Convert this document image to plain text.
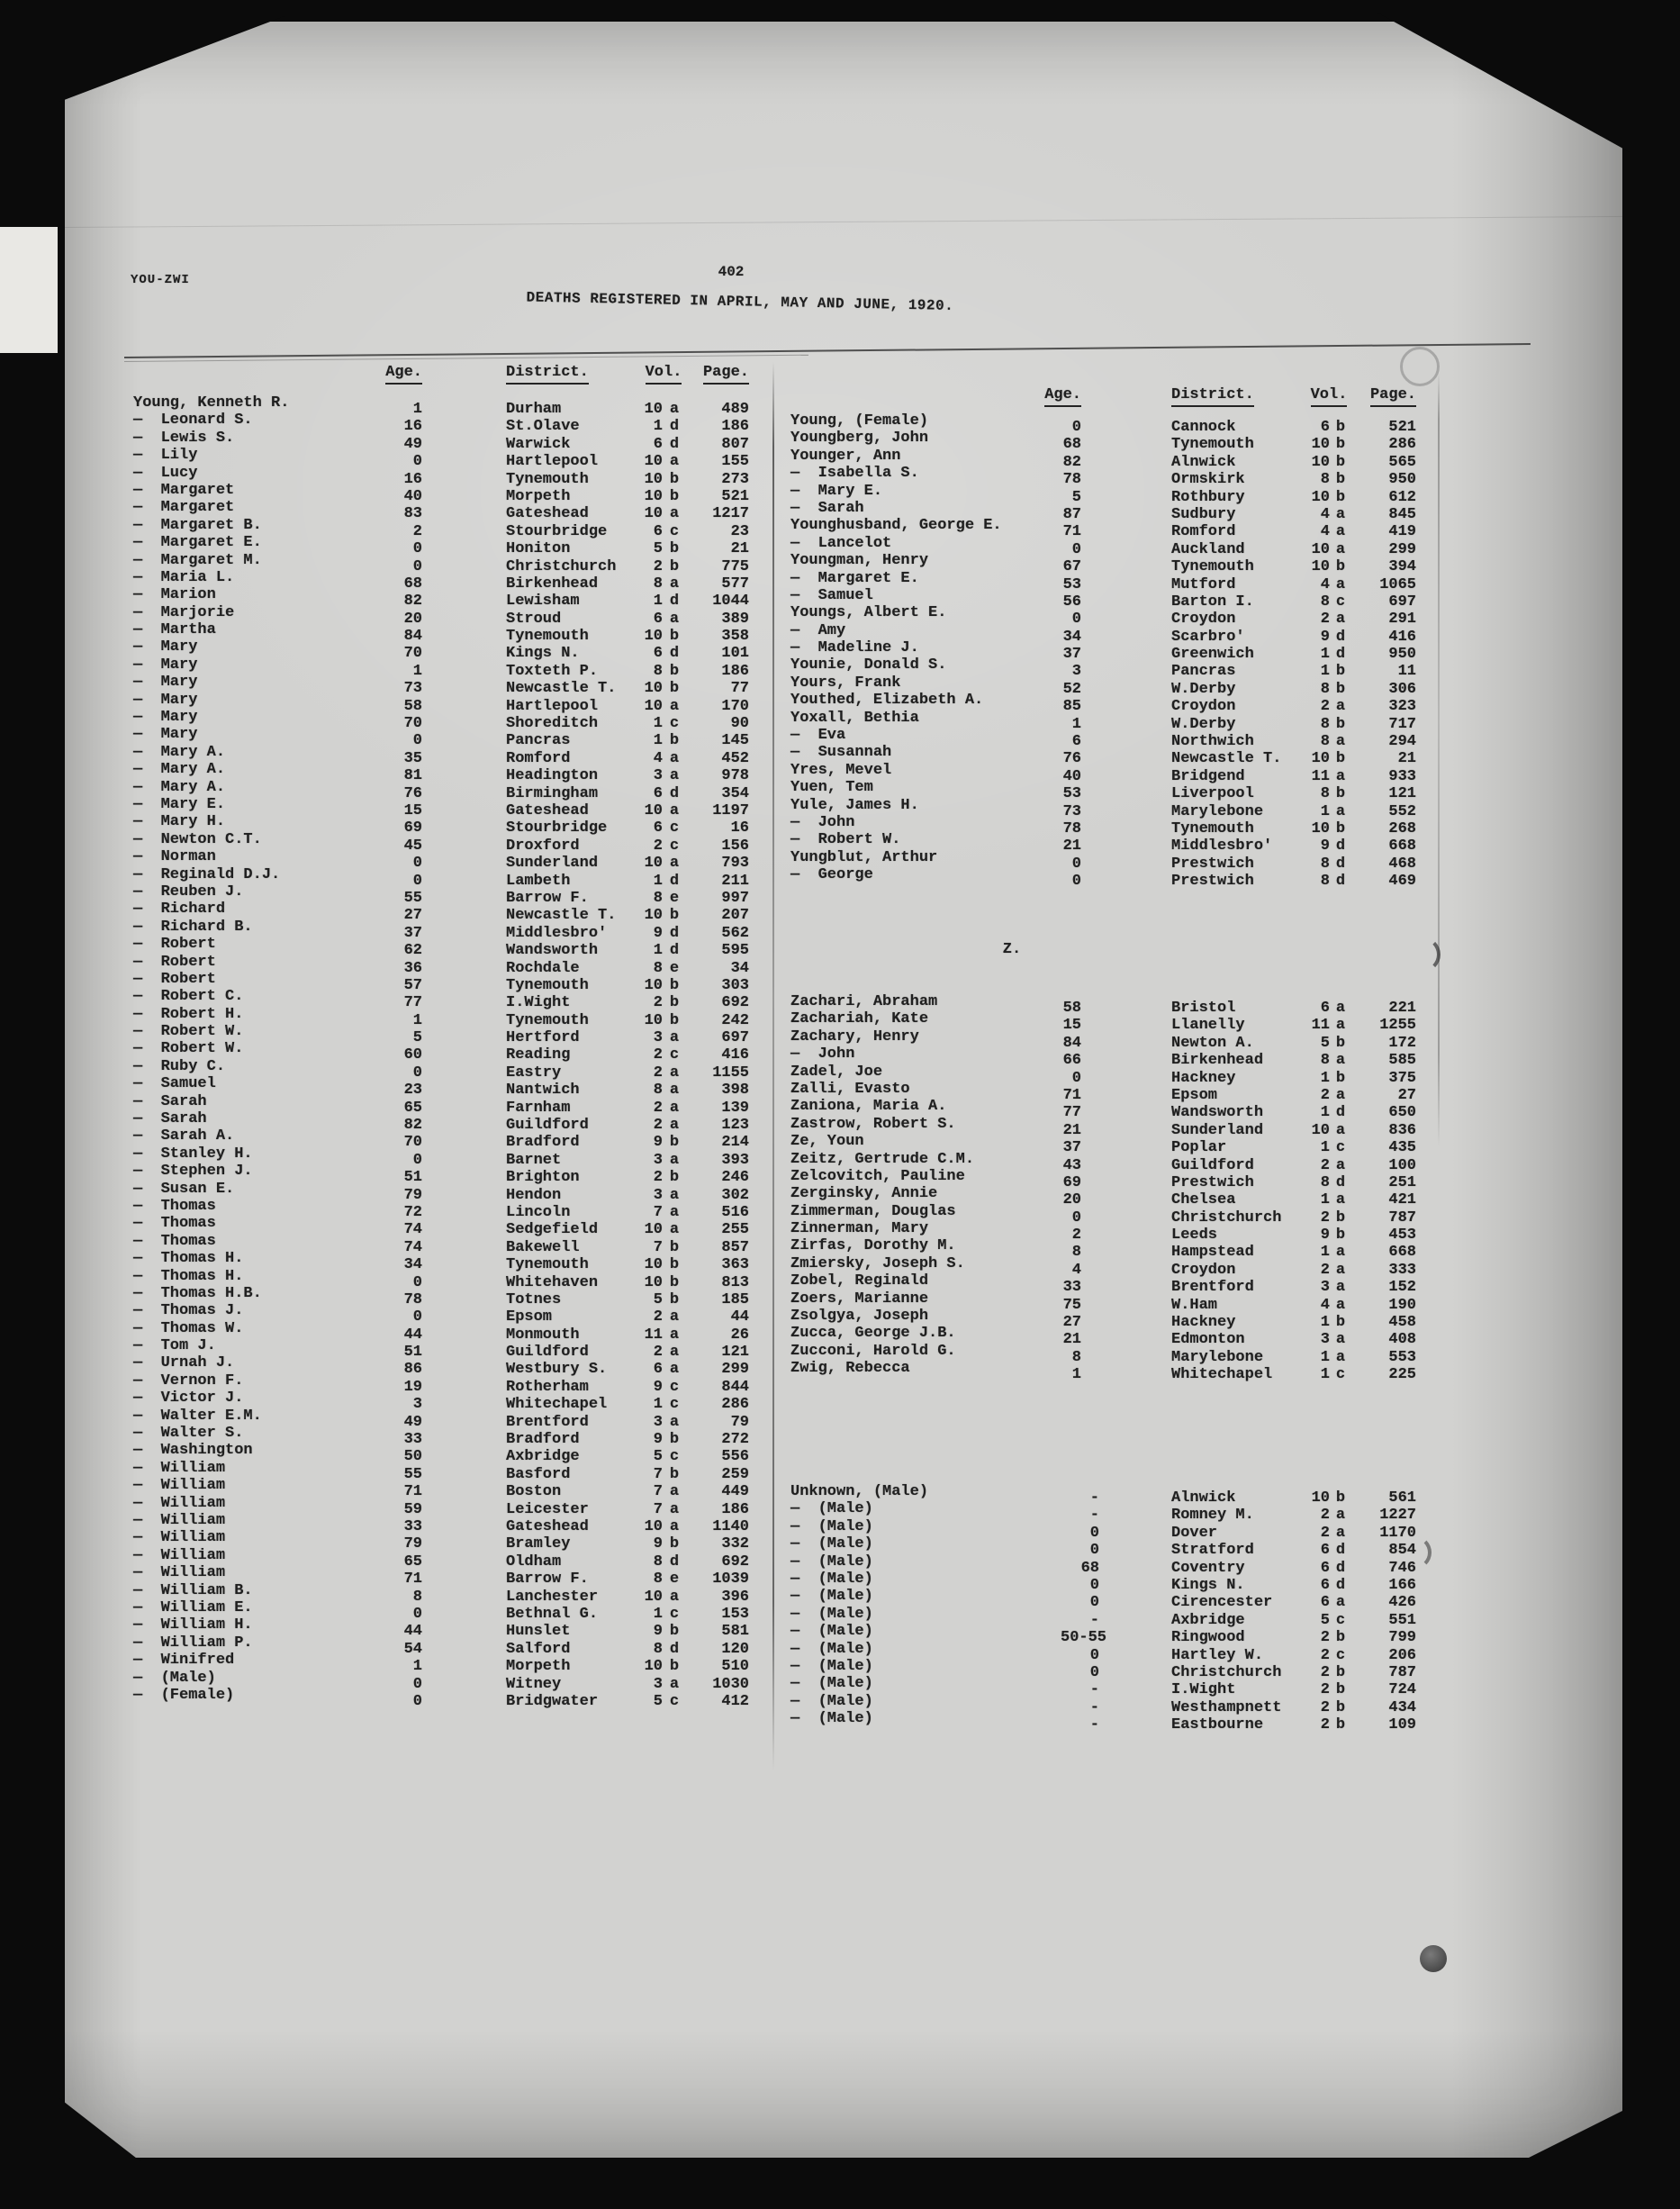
YOU-ZWI	402
DEATHS REGISTERED IN APRIL, MAY AND JUNE, 1920.
Age.	District.	Vol.	Page.
Age.	District.	Vol.	Page.
Young, Kenneth R.	1	Durham	10 a	489
—  Leonard S.	16	St.Olave	1 d	186
—  Lewis S.	49	Warwick	6 d	807
—  Lily	0	Hartlepool	10 a	155
—  Lucy	16	Tynemouth	10 b	273
—  Margaret	40	Morpeth	10 b	521
—  Margaret	83	Gateshead	10 a	1217
—  Margaret B.	2	Stourbridge	6 c	23
—  Margaret E.	0	Honiton	5 b	21
—  Margaret M.	0	Christchurch	2 b	775
—  Maria L.	68	Birkenhead	8 a	577
—  Marion	82	Lewisham	1 d	1044
—  Marjorie	20	Stroud	6 a	389
—  Martha	84	Tynemouth	10 b	358
—  Mary	70	Kings N.	6 d	101
—  Mary	1	Toxteth P.	8 b	186
—  Mary	73	Newcastle T.	10 b	77
—  Mary	58	Hartlepool	10 a	170
—  Mary	70	Shoreditch	1 c	90
—  Mary	0	Pancras	1 b	145
—  Mary A.	35	Romford	4 a	452
—  Mary A.	81	Headington	3 a	978
—  Mary A.	76	Birmingham	6 d	354
—  Mary E.	15	Gateshead	10 a	1197
—  Mary H.	69	Stourbridge	6 c	16
—  Newton C.T.	45	Droxford	2 c	156
—  Norman	0	Sunderland	10 a	793
—  Reginald D.J.	0	Lambeth	1 d	211
—  Reuben J.	55	Barrow F.	8 e	997
—  Richard	27	Newcastle T.	10 b	207
—  Richard B.	37	Middlesbro'	9 d	562
—  Robert	62	Wandsworth	1 d	595
—  Robert	36	Rochdale	8 e	34
—  Robert	57	Tynemouth	10 b	303
—  Robert C.	77	I.Wight	2 b	692
—  Robert H.	1	Tynemouth	10 b	242
—  Robert W.	5	Hertford	3 a	697
—  Robert W.	60	Reading	2 c	416
—  Ruby C.	0	Eastry	2 a	1155
—  Samuel	23	Nantwich	8 a	398
—  Sarah	65	Farnham	2 a	139
—  Sarah	82	Guildford	2 a	123
—  Sarah A.	70	Bradford	9 b	214
—  Stanley H.	0	Barnet	3 a	393
—  Stephen J.	51	Brighton	2 b	246
—  Susan E.	79	Hendon	3 a	302
—  Thomas	72	Lincoln	7 a	516
—  Thomas	74	Sedgefield	10 a	255
—  Thomas	74	Bakewell	7 b	857
—  Thomas H.	34	Tynemouth	10 b	363
—  Thomas H.	0	Whitehaven	10 b	813
—  Thomas H.B.	78	Totnes	5 b	185
—  Thomas J.	0	Epsom	2 a	44
—  Thomas W.	44	Monmouth	11 a	26
—  Tom J.	51	Guildford	2 a	121
—  Urnah J.	86	Westbury S.	6 a	299
—  Vernon F.	19	Rotherham	9 c	844
—  Victor J.	3	Whitechapel	1 c	286
—  Walter E.M.	49	Brentford	3 a	79
—  Walter S.	33	Bradford	9 b	272
—  Washington	50	Axbridge	5 c	556
—  William	55	Basford	7 b	259
—  William	71	Boston	7 a	449
—  William	59	Leicester	7 a	186
—  William	33	Gateshead	10 a	1140
—  William	79	Bramley	9 b	332
—  William	65	Oldham	8 d	692
—  William	71	Barrow F.	8 e	1039
—  William B.	8	Lanchester	10 a	396
—  William E.	0	Bethnal G.	1 c	153
—  William H.	44	Hunslet	9 b	581
—  William P.	54	Salford	8 d	120
—  Winifred	1	Morpeth	10 b	510
—  (Male)	0	Witney	3 a	1030
—  (Female)	0	Bridgwater	5 c	412
Young, (Female)	0	Cannock	6 b	521
Youngberg, John	68	Tynemouth	10 b	286
Younger, Ann	82	Alnwick	10 b	565
—  Isabella S.	78	Ormskirk	8 b	950
—  Mary E.	5	Rothbury	10 b	612
—  Sarah	87	Sudbury	4 a	845
Younghusband, George E.	71	Romford	4 a	419
—  Lancelot	0	Auckland	10 a	299
Youngman, Henry	67	Tynemouth	10 b	394
—  Margaret E.	53	Mutford	4 a	1065
—  Samuel	56	Barton I.	8 c	697
Youngs, Albert E.	0	Croydon	2 a	291
—  Amy	34	Scarbro'	9 d	416
—  Madeline J.	37	Greenwich	1 d	950
Younie, Donald S.	3	Pancras	1 b	11
Yours, Frank	52	W.Derby	8 b	306
Youthed, Elizabeth A.	85	Croydon	2 a	323
Yoxall, Bethia	1	W.Derby	8 b	717
—  Eva	6	Northwich	8 a	294
—  Susannah	76	Newcastle T.	10 b	21
Yres, Mevel	40	Bridgend	11 a	933
Yuen, Tem	53	Liverpool	8 b	121
Yule, James H.	73	Marylebone	1 a	552
—  John	78	Tynemouth	10 b	268
—  Robert W.	21	Middlesbro'	9 d	668
Yungblut, Arthur	0	Prestwich	8 d	468
—  George	0	Prestwich	8 d	469
Z.
Zachari, Abraham	58	Bristol	6 a	221
Zachariah, Kate	15	Llanelly	11 a	1255
Zachary, Henry	84	Newton A.	5 b	172
—  John	66	Birkenhead	8 a	585
Zadel, Joe	0	Hackney	1 b	375
Zalli, Evasto	71	Epsom	2 a	27
Zaniona, Maria A.	77	Wandsworth	1 d	650
Zastrow, Robert S.	21	Sunderland	10 a	836
Ze, Youn	37	Poplar	1 c	435
Zeitz, Gertrude C.M.	43	Guildford	2 a	100
Zelcovitch, Pauline	69	Prestwich	8 d	251
Zerginsky, Annie	20	Chelsea	1 a	421
Zimmerman, Douglas	0	Christchurch	2 b	787
Zinnerman, Mary	2	Leeds	9 b	453
Zirfas, Dorothy M.	8	Hampstead	1 a	668
Zmiersky, Joseph S.	4	Croydon	2 a	333
Zobel, Reginald	33	Brentford	3 a	152
Zoers, Marianne	75	W.Ham	4 a	190
Zsolgya, Joseph	27	Hackney	1 b	458
Zucca, George J.B.	21	Edmonton	3 a	408
Zucconi, Harold G.	8	Marylebone	1 a	553
Zwig, Rebecca	1	Whitechapel	1 c	225
Unknown, (Male)	-	Alnwick	10 b	561
—  (Male)	-	Romney M.	2 a	1227
—  (Male)	0	Dover	2 a	1170
—  (Male)	0	Stratford	6 d	854
—  (Male)	68	Coventry	6 d	746
—  (Male)	0	Kings N.	6 d	166
—  (Male)	0	Cirencester	6 a	426
—  (Male)	-	Axbridge	5 c	551
—  (Male)	50-55	Ringwood	2 b	799
—  (Male)	0	Hartley W.	2 c	206
—  (Male)	0	Christchurch	2 b	787
—  (Male)	-	I.Wight	2 b	724
—  (Male)	-	Westhampnett	2 b	434
—  (Male)	-	Eastbourne	2 b	109
